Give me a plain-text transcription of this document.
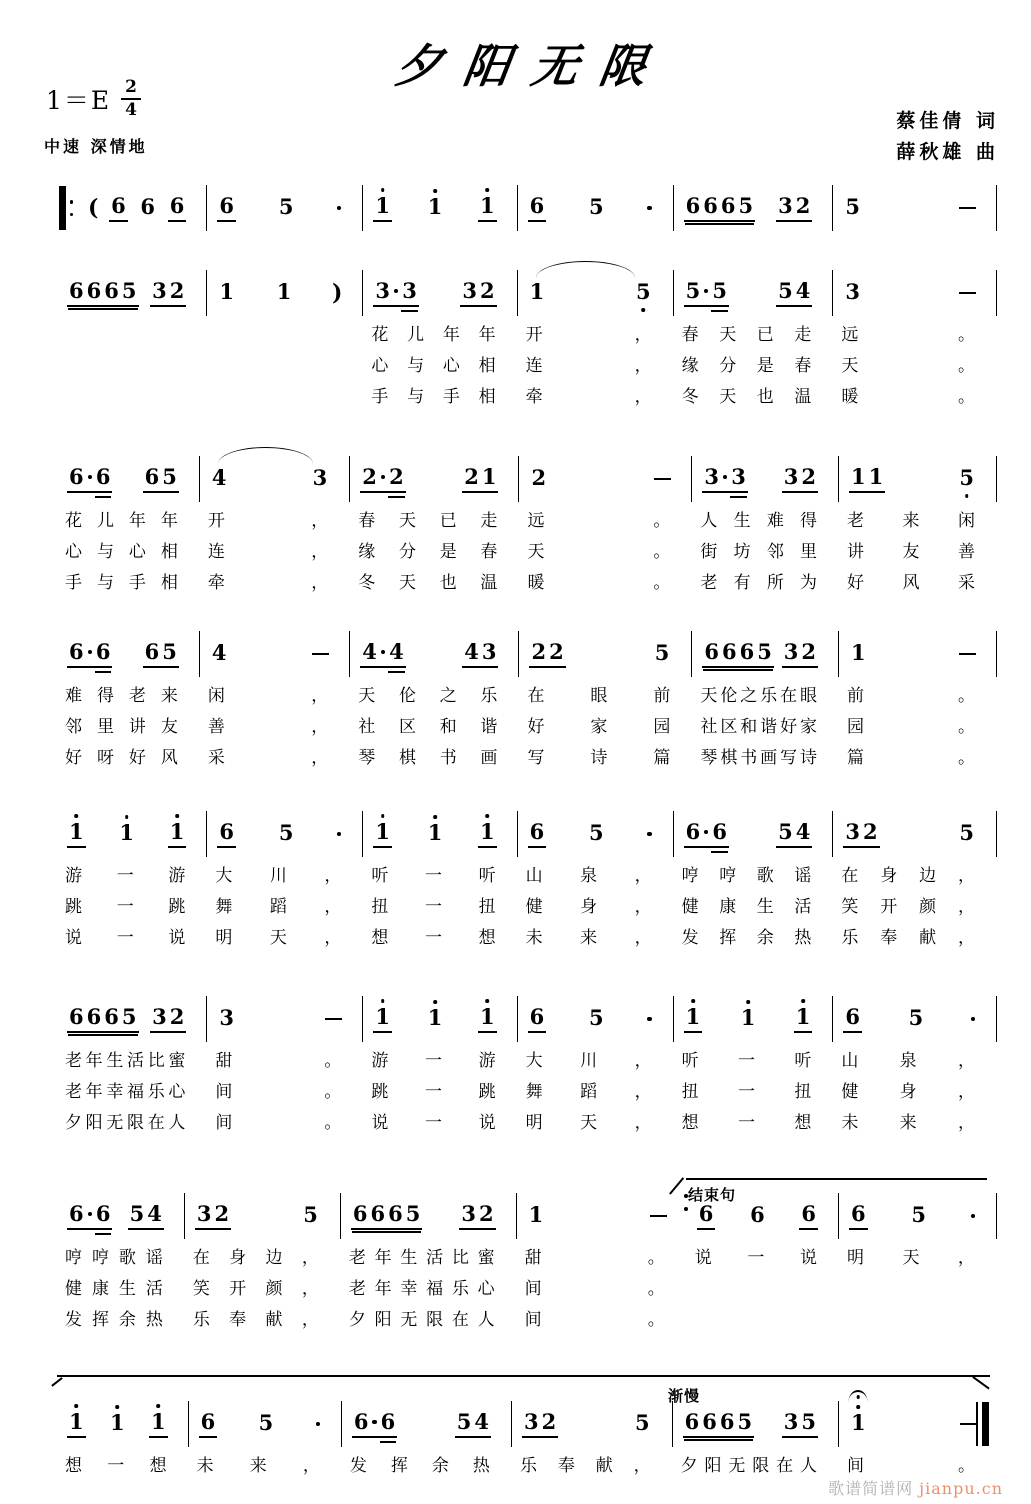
夕阳无限
$1=E \frac{2}{4}$
中速 深情地
蔡佳倩 词
薛秋雄 曲
( 6 6 6 6 5	1 1 1 6 5	6 6 6 5 3 2 5
6 6 6 5 3 2 1 1 ) 3 3 3 2 1	5 5 5 5 4 3
花 儿 年 年 开	， 春 天 已 走 远	。
心 与 心 相 连	， 缘 分 是 春 天	。
手 与 手 相 牵	， 冬 天 也 温 暖	。
6 6 6 5 4	3 2 2	2 1 2	3 3 3 2 1 1	5
花 儿 年 年 开	， 春 天 已 走 远	。 人 生 难 得 老 来 闲
心 与 心 相 连	， 缘 分 是 春 天	。 街 坊 邻 里 讲 友 善
手 与 手 相 牵	， 冬 天 也 温 暖	。 老 有 所 为 好 风 采
6 6 6 5 4	4 4	4 3 2 2	5 6 6 6 5 3 2 1
难 得 老 来 闲	， 天 伦 之 乐 在	眼	前 天 伦 之 乐 在 眼 前	。
邻 里 讲 友 善	， 社 区 和 谐 好	家	园 社 区 和 谐 好 家 园	。
好 呀 好 风 采	， 琴 棋 书 画 写	诗	篇 琴 棋 书 画 写 诗 篇	。
1 1 1 6 5	1 1 1 6 5	6 6 5 4 3 2	5
游 一 游 大 川 ， 听 一 听 山 泉 ， 哼 哼 歌 谣 在 身 边 ，
跳 一 跳 舞 蹈 ， 扭 一 扭 健 身 ， 健 康 生 活 笑 开 颜 ，
说 一 说 明 天 ， 想 一 想 未 来 ， 发 挥 余 热 乐 奉 献 ，
6 6 6 5 3 2 3	1 1 1 6 5	1 1 1 6 5
老 年 生 活 比 蜜 甜	。 游 一 游 大 川 ， 听 一 听 山 泉 ，
老 年 幸 福 乐 心 间	。 跳 一 跳 舞 蹈 ， 扭 一 扭 健 身 ，
夕 阳 无 限 在 人 间	。 说 一 说 明 天 ， 想 一 想 未 来 ，
6 6 5 4 3 2	5 6 6 6 5 3 2 1	6 6 6 6 5
哼 哼 歌 谣 在 身 边 ， 老 年 生 活 比 蜜 甜	。 说 一 说 明 天 ，
健 康 生 活 笑 开 颜 ， 老 年 幸 福 乐 心 间	。
发 挥 余 热 乐 奉 献 ， 夕 阳 无 限 在 人 间	。
1 1 1 6 5	6 6	5 4 3 2	5 6 6 6 5 3 5 1
想 一 想 未 来 ， 发 挥 余 热 乐 奉 献 ， 夕 阳 无 限 在 人 间	。
结束句
渐慢
歌谱简谱网 jianpu.cn
